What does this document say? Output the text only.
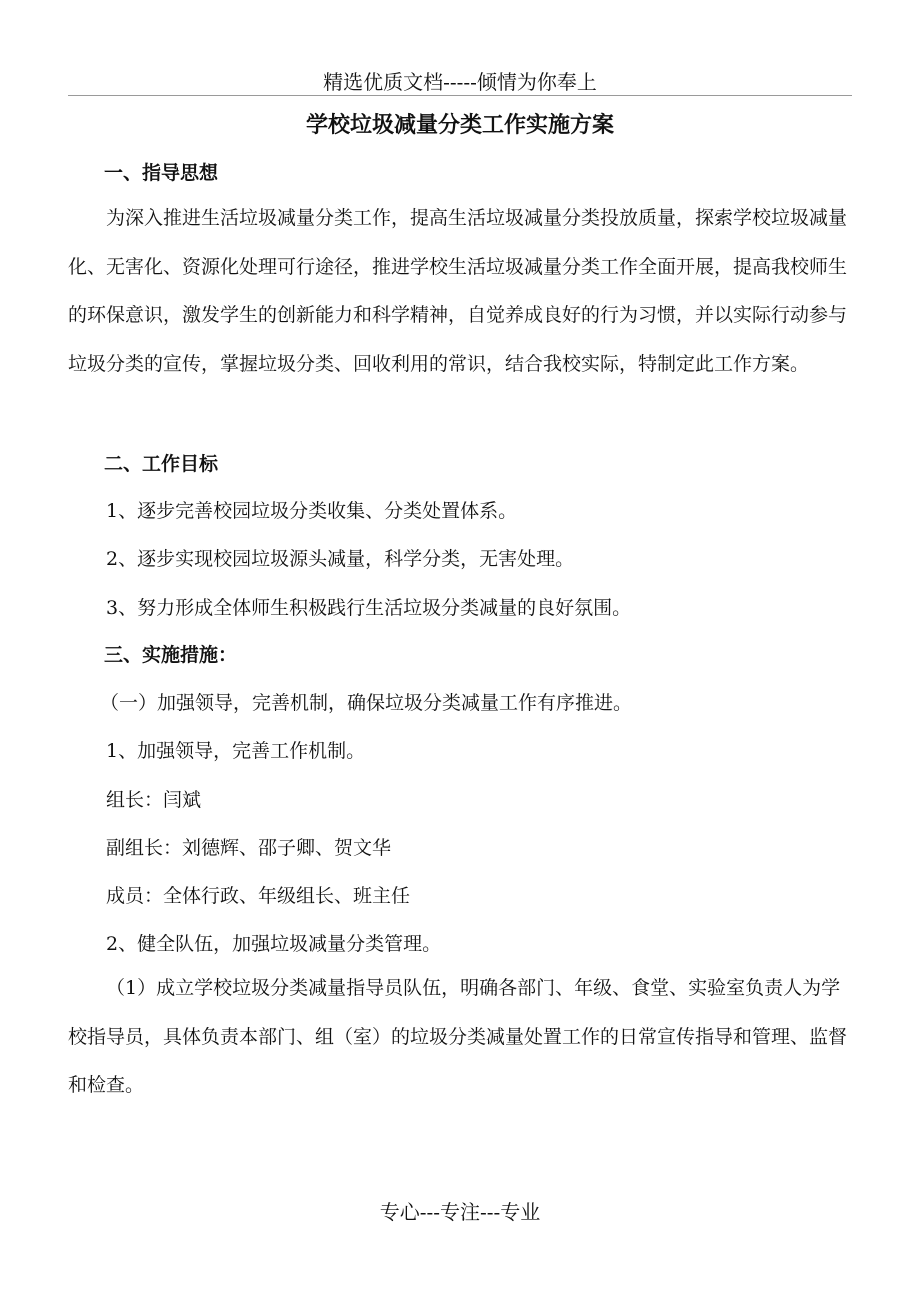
精选优质文档-----倾情为你奉上
学校垃圾减量分类工作实施方案
一、指导思想
为深入推进生活垃圾减量分类工作，提高生活垃圾减量分类投放质量，探索学校垃圾减量化、无害化、资源化处理可行途径，推进学校生活垃圾减量分类工作全面开展，提高我校师生的环保意识，激发学生的创新能力和科学精神，自觉养成良好的行为习惯，并以实际行动参与垃圾分类的宣传，掌握垃圾分类、回收利用的常识，结合我校实际，特制定此工作方案。
二、工作目标
1、逐步完善校园垃圾分类收集、分类处置体系。
2、逐步实现校园垃圾源头减量，科学分类，无害处理。
3、努力形成全体师生积极践行生活垃圾分类减量的良好氛围。
三、实施措施：
（一）加强领导，完善机制，确保垃圾分类减量工作有序推进。
1、加强领导，完善工作机制。
组长：闫斌
副组长：刘德辉、邵子卿、贺文华
成员：全体行政、年级组长、班主任
2、健全队伍，加强垃圾减量分类管理。
（1）成立学校垃圾分类减量指导员队伍，明确各部门、年级、食堂、实验室负责人为学校指导员，具体负责本部门、组（室）的垃圾分类减量处置工作的日常宣传指导和管理、监督和检查。
专心---专注---专业
